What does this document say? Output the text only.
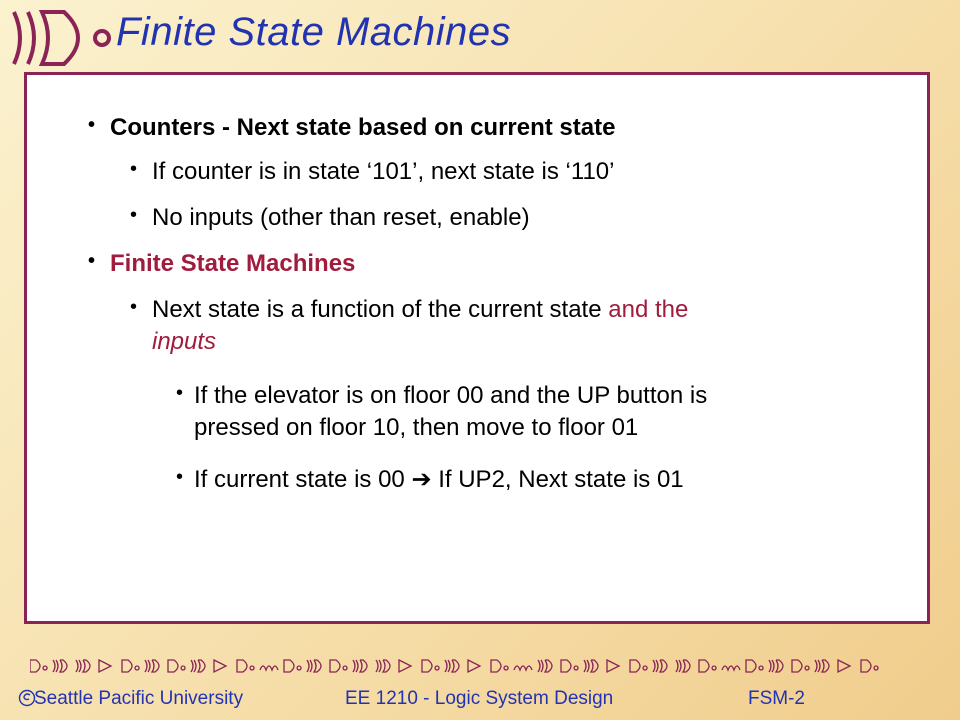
Finite State Machines
• Counters - Next state based on current state
• If counter is in state ‘101’, next state is ‘110’
• No inputs (other than reset, enable)
• Finite State Machines
• Next state is a function of the current state and the
inputs
• If the elevator is on floor 00 and the UP button is
pressed on floor 10, then move to floor 01
• If current state is 00 ➔ If UP2, Next state is 01
Seattle Pacific University	EE 1210 - Logic System Design	FSM-2
